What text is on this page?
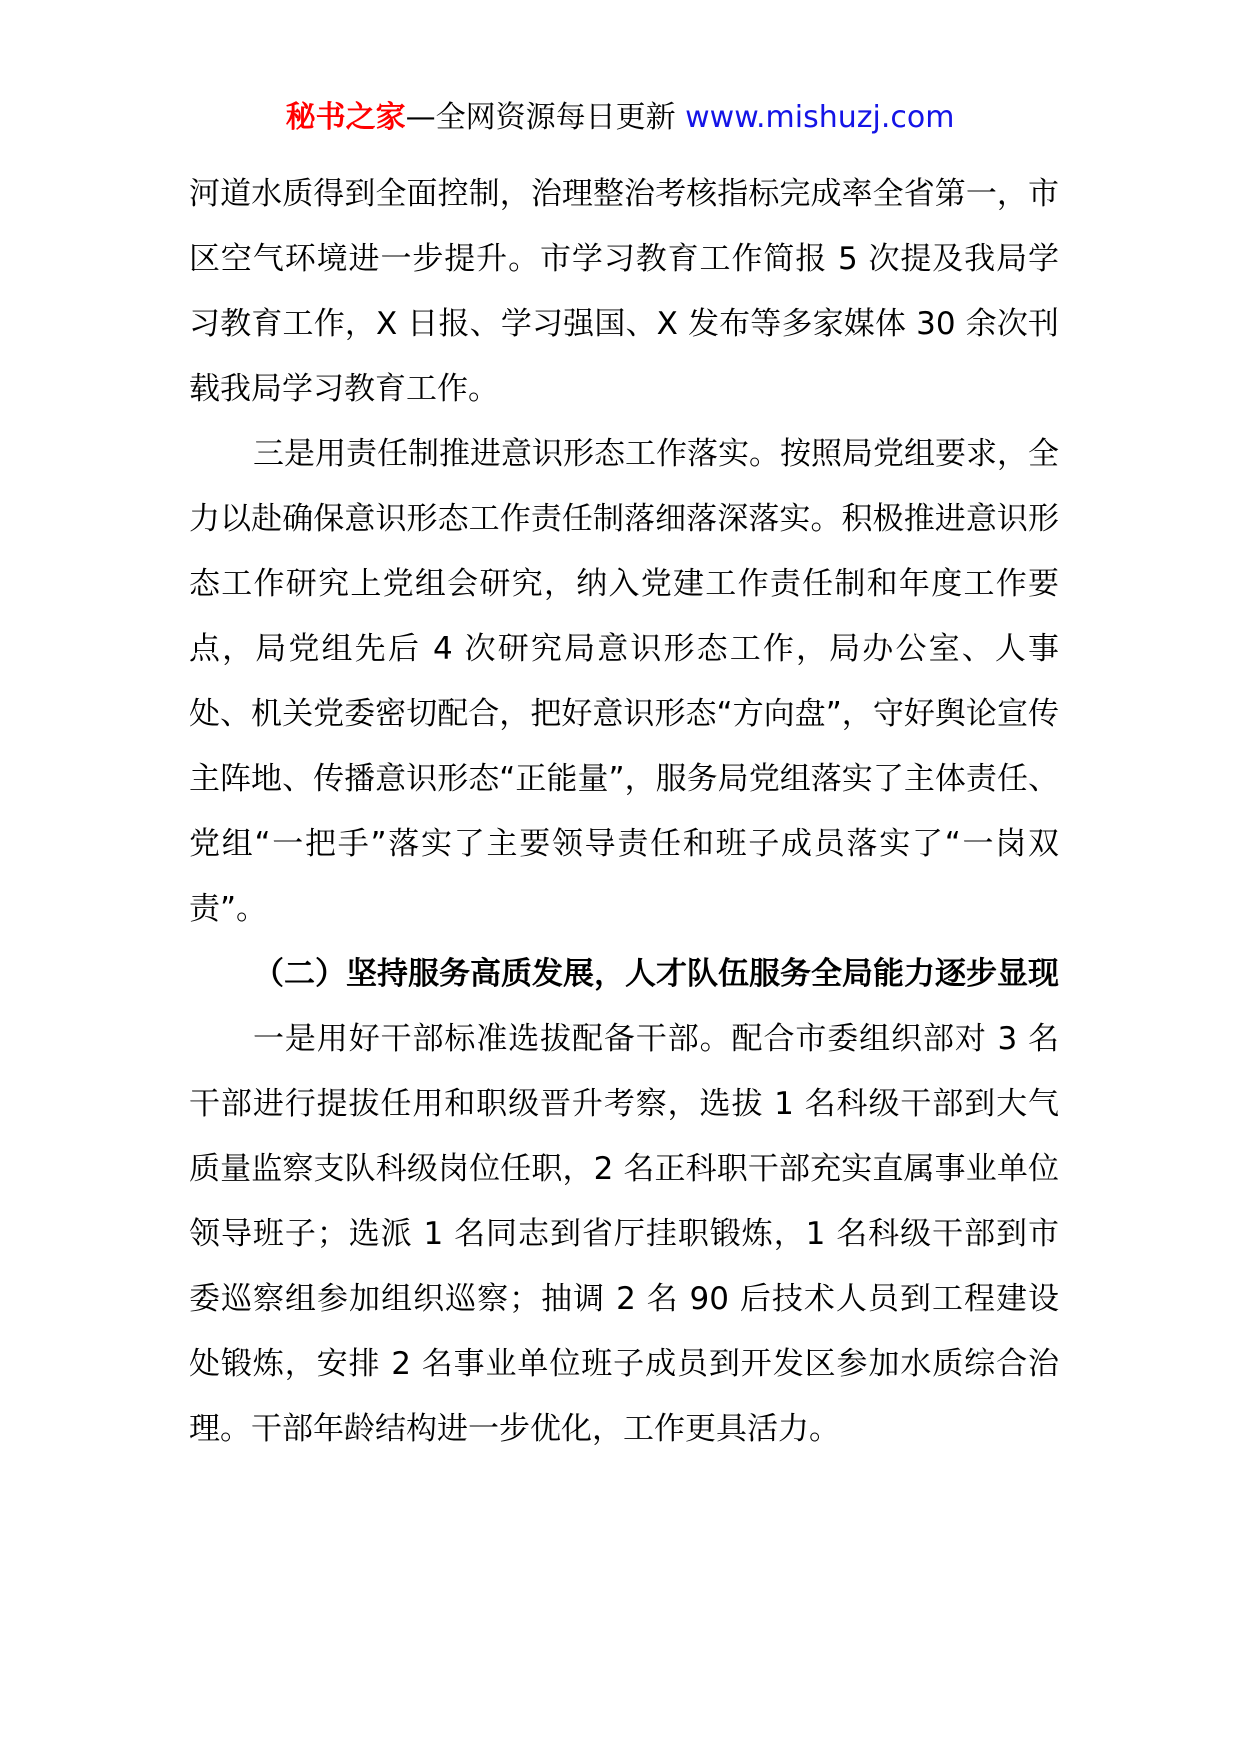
秘书之家—全网资源每日更新 www.mishuzj.com

河道水质得到全面控制，治理整治考核指标完成率全省第一，市区空气环境进一步提升。市学习教育工作简报 5 次提及我局学习教育工作，X 日报、学习强国、X 发布等多家媒体 30 余次刊载我局学习教育工作。

三是用责任制推进意识形态工作落实。按照局党组要求，全力以赴确保意识形态工作责任制落细落深落实。积极推进意识形态工作研究上党组会研究，纳入党建工作责任制和年度工作要点，局党组先后 4 次研究局意识形态工作，局办公室、人事处、机关党委密切配合，把好意识形态“方向盘”，守好舆论宣传主阵地、传播意识形态“正能量”，服务局党组落实了主体责任、党组“一把手”落实了主要领导责任和班子成员落实了“一岗双责”。

（二）坚持服务高质发展，人才队伍服务全局能力逐步显现

一是用好干部标准选拔配备干部。配合市委组织部对 3 名干部进行提拔任用和职级晋升考察，选拔 1 名科级干部到大气质量监察支队科级岗位任职，2 名正科职干部充实直属事业单位领导班子；选派 1 名同志到省厅挂职锻炼，1 名科级干部到市委巡察组参加组织巡察；抽调 2 名 90 后技术人员到工程建设处锻炼，安排 2 名事业单位班子成员到开发区参加水质综合治理。干部年龄结构进一步优化，工作更具活力。
